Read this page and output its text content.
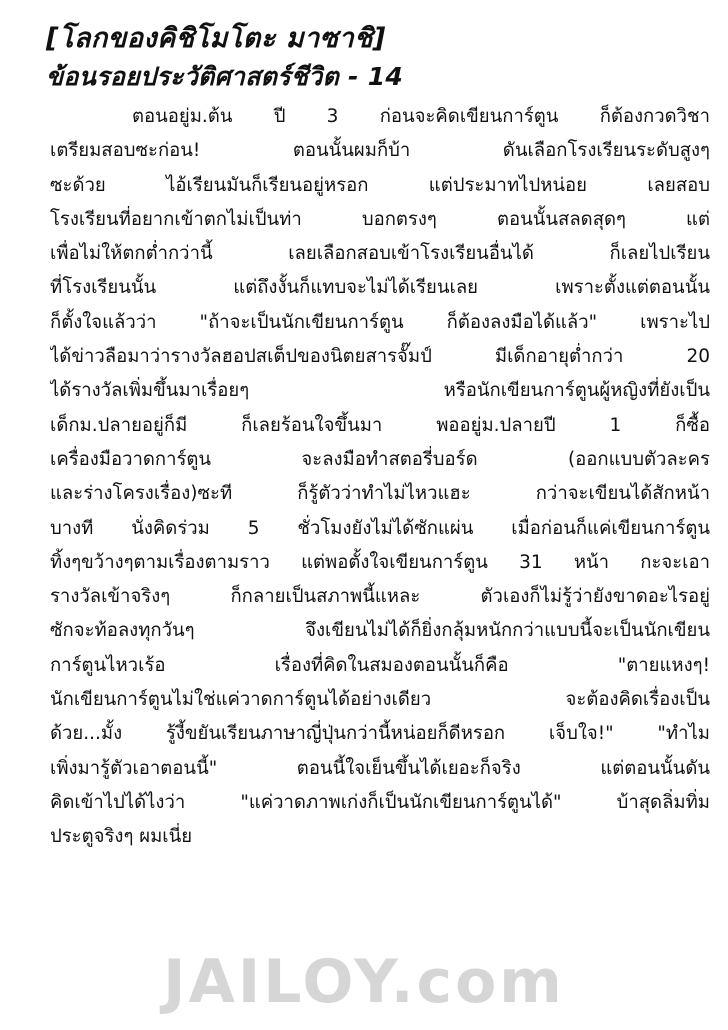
[โลกของคิชิโมโตะ มาซาชิ]
ข้อนรอยประวัติศาสตร์ชีวิต - 14
ตอนอยู่ม.ต้น ปี 3 ก่อนจะคิดเขียนการ์ตูน ก็ต้องกวดวิชา
เตรียมสอบซะก่อน! ตอนนั้นผมก็บ้า ดันเลือกโรงเรียนระดับสูงๆ
ซะด้วย ไอ้เรียนมันก็เรียนอยู่หรอก แต่ประมาทไปหน่อย เลยสอบ
โรงเรียนที่อยากเข้าตกไม่เป็นท่า บอกตรงๆ ตอนนั้นสลดสุดๆ แต่
เพื่อไม่ให้ตกต่ำกว่านี้ เลยเลือกสอบเข้าโรงเรียนอื่นได้ ก็เลยไปเรียน
ที่โรงเรียนนั้น แต่ถึงงั้นก็แทบจะไม่ได้เรียนเลย เพราะตั้งแต่ตอนนั้น
ก็ตั้งใจแล้วว่า "ถ้าจะเป็นนักเขียนการ์ตูน ก็ต้องลงมือได้แล้ว" เพราะไป
ได้ข่าวลือมาว่ารางวัลฮอปสเต็ปของนิตยสารจั๊มป์ มีเด็กอายุต่ำกว่า 20
ได้รางวัลเพิ่มขึ้นมาเรื่อยๆ หรือนักเขียนการ์ตูนผู้หญิงที่ยังเป็น
เด็กม.ปลายอยู่ก็มี ก็เลยร้อนใจขึ้นมา พออยู่ม.ปลายปี 1 ก็ซื้อ
เครื่องมือวาดการ์ตูน จะลงมือทำสตอรี่บอร์ด (ออกแบบตัวละคร
และร่างโครงเรื่อง)ซะที ก็รู้ตัวว่าทำไม่ไหวแฮะ กว่าจะเขียนได้สักหน้า
บางที นั่งคิดร่วม 5 ชั่วโมงยังไม่ได้ซักแผ่น เมื่อก่อนก็แค่เขียนการ์ตูน
ทิ้งๆขว้างๆตามเรื่องตามราว แต่พอตั้งใจเขียนการ์ตูน 31 หน้า กะจะเอา
รางวัลเข้าจริงๆ ก็กลายเป็นสภาพนี้แหละ ตัวเองก็ไม่รู้ว่ายังขาดอะไรอยู่
ซักจะท้อลงทุกวันๆ จึงเขียนไม่ได้ก็ยิ่งกลุ้มหนักกว่าแบบนี้จะเป็นนักเขียน
การ์ตูนไหวเร้อ เรื่องที่คิดในสมองตอนนั้นก็คือ "ตายแหงๆ!
นักเขียนการ์ตูนไม่ใช่แค่วาดการ์ตูนได้อย่างเดียว จะต้องคิดเรื่องเป็น
ด้วย...มั้ง รู้งี้ขยันเรียนภาษาญี่ปุ่นกว่านี้หน่อยก็ดีหรอก เจ็บใจ!" "ทำไม
เพิ่งมารู้ตัวเอาตอนนี้" ตอนนี้ใจเย็นขึ้นได้เยอะก็จริง แต่ตอนนั้นดัน
คิดเข้าไปได้ไงว่า "แค่วาดภาพเก่งก็เป็นนักเขียนการ์ตูนได้" บ้าสุดลิ่มทิ่ม
ประตูจริงๆ ผมเนี่ย
JAILOY.com
